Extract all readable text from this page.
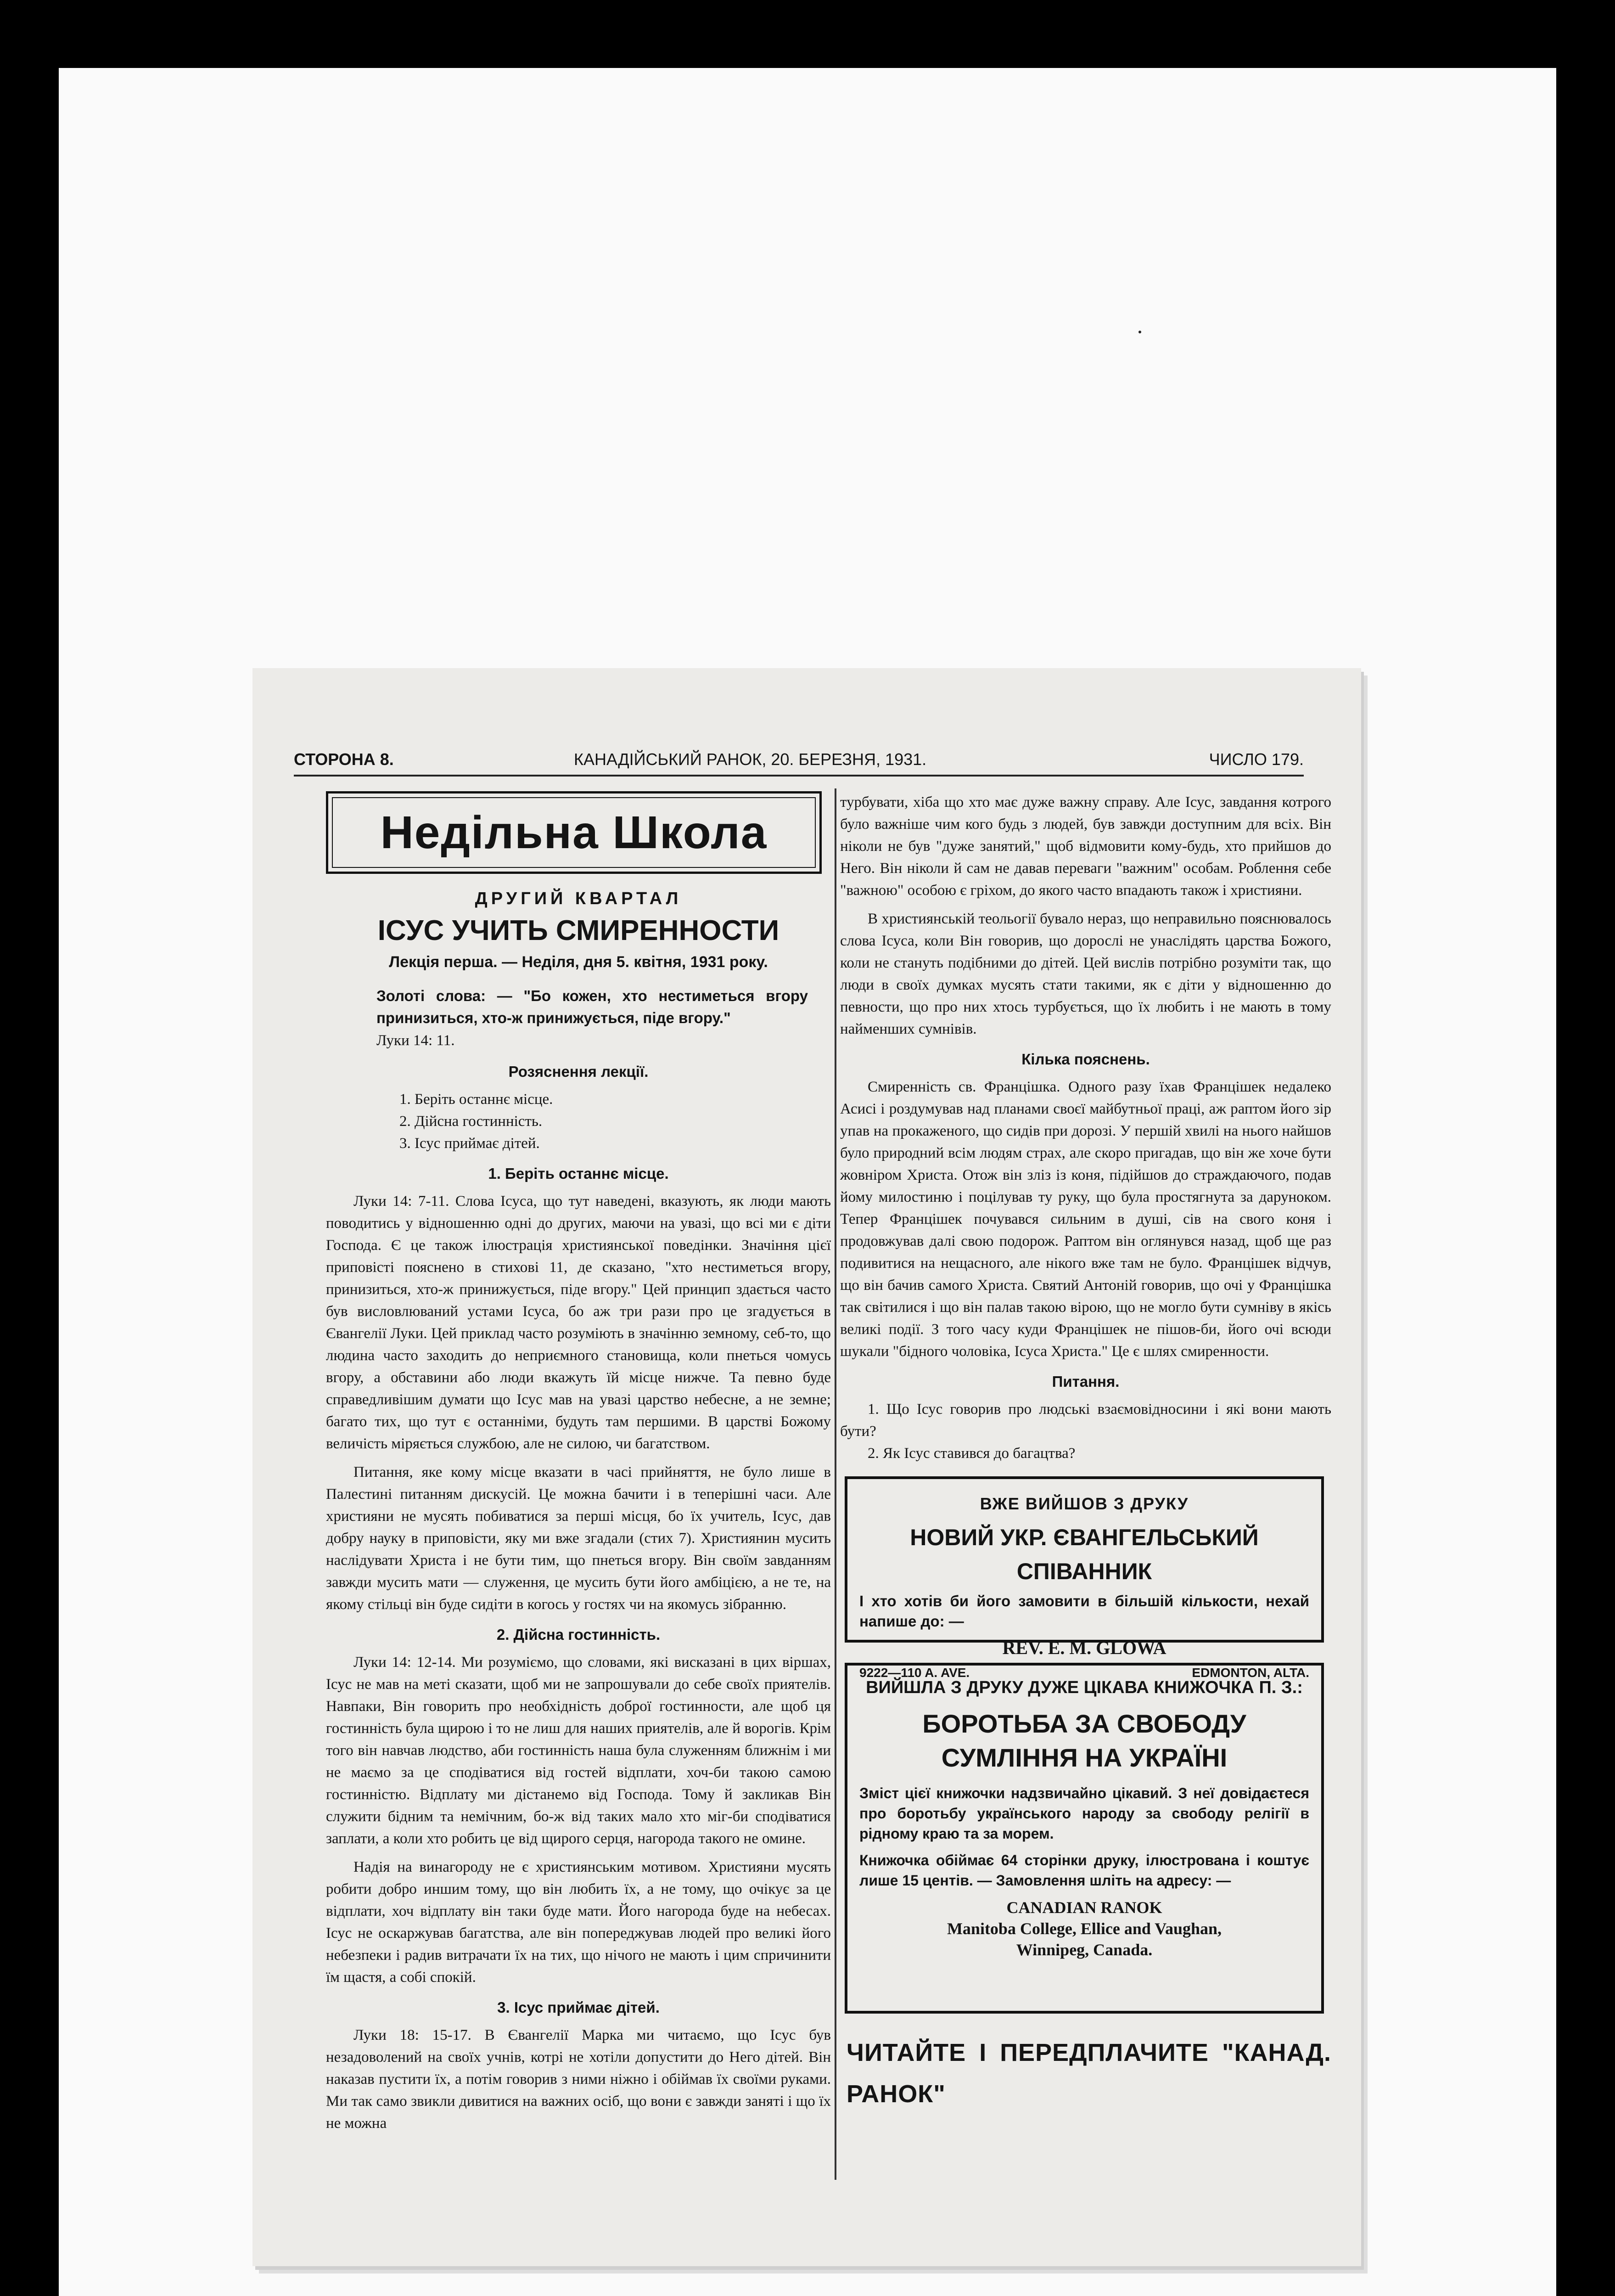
СТОРОНА 8.	КАНАДІЙСЬКИЙ РАНОК, 20. БЕРЕЗНЯ, 1931.	ЧИСЛО 179.
Недільна Школа
ДРУГИЙ КВАРТАЛ
ІСУС УЧИТЬ СМИРЕННОСТИ
Лекція перша. — Неділя, дня 5. квітня, 1931 року.
Золоті слова: — "Бо кожен, хто нестиметься вгору принизиться, хто-ж принижується, піде вгору."
Луки 14: 11.
Розяснення лекції.
1. Беріть останнє місце.
2. Дійсна гостинність.
3. Ісус приймає дітей.
1. Беріть останнє місце.

Луки 14: 7-11. Слова Ісуса, що тут наведені, вказують, як люди мають поводитись у відношенню одні до других, маючи на увазі, що всі ми є діти Господа. Є це також ілюстрація християнської поведінки. Значіння цієї приповісті пояснено в стихові 11, де сказано, "хто нестиметься вгору, принизиться, хто-ж принижується, піде вгору." Цей принцип здається часто був висловлюваний устами Ісуса, бо аж три рази про це згадується в Євангелії Луки. Цей приклад часто розуміють в значінню земному, себ-то, що людина часто заходить до неприємного становища, коли пнеться чомусь вгору, а обставини або люди вкажуть їй місце нижче. Та певно буде справедливішим думати що Ісус мав на увазі царство небесне, а не земне; багато тих, що тут є останніми, будуть там першими. В царстві Божому величість міряється службою, але не силою, чи багатством.

Питання, яке кому місце вказати в часі прийняття, не було лише в Палестині питанням дискусій. Це можна бачити і в теперішні часи. Але християни не мусять побиватися за перші місця, бо їх учитель, Ісус, дав добру науку в приповісти, яку ми вже згадали (стих 7). Християнин мусить наслідувати Христа і не бути тим, що пнеться вгору. Він своїм завданням завжди мусить мати — служення, це мусить бути його амбіцією, а не те, на якому стільці він буде сидіти в когось у гостях чи на якомусь зібранню.

2. Дійсна гостинність.

Луки 14: 12-14. Ми розуміємо, що словами, які висказані в цих віршах, Ісус не мав на меті сказати, щоб ми не запрошували до себе своїх приятелів. Навпаки, Він говорить про необхідність доброї гостинности, але щоб ця гостинність була щирою і то не лиш для наших приятелів, але й ворогів. Крім того він навчав людство, аби гостинність наша була служенням ближнім і ми не маємо за це сподіватися від гостей відплати, хоч-би такою самою гостинністю. Відплату ми дістанемо від Господа. Тому й закликав Він служити бідним та немічним, бо-ж від таких мало хто міг-би сподіватися заплати, а коли хто робить це від щирого серця, нагорода такого не омине.

Надія на винагороду не є християнським мотивом. Християни мусять робити добро иншим тому, що він любить їх, а не тому, що очікує за це відплати, хоч відплату він таки буде мати. Його нагорода буде на небесах. Ісус не оскаржував багатства, але він попереджував людей про великі його небезпеки і радив витрачати їх на тих, що нічого не мають і цим спричинити їм щастя, а собі спокій.

3. Ісус приймає дітей.

Луки 18: 15-17. В Євангелії Марка ми читаємо, що Ісус був незадоволений на своїх учнів, котрі не хотіли допустити до Него дітей. Він наказав пустити їх, а потім говорив з ними ніжно і обіймав їх своїми руками. Ми так само звикли дивитися на важних осіб, що вони є завжди заняті і що їх не можна

турбувати, хіба що хто має дуже важну справу. Але Ісус, завдання котрого було важніше чим кого будь з людей, був завжди доступним для всіх. Він ніколи не був "дуже занятий," щоб відмовити кому-будь, хто прийшов до Него. Він ніколи й сам не давав переваги "важним" особам. Роблення себе "важною" особою є гріхом, до якого часто впадають також і християни.

В християнській теольогії бувало нераз, що неправильно пояснювалось слова Ісуса, коли Він говорив, що дорослі не унаслідять царства Божого, коли не стануть подібними до дітей. Цей вислів потрібно розуміти так, що люди в своїх думках мусять стати такими, як є діти у відношенню до певности, що про них хтось турбується, що їх любить і не мають в тому найменших сумнівів.

Кілька пояснень.

Смиренність св. Францішка. Одного разу їхав Францішек недалеко Асисі і роздумував над планами своєї майбутньої праці, аж раптом його зір упав на прокаженого, що сидів при дорозі. У першій хвилі на нього найшов було природний всім людям страх, але скоро пригадав, що він же хоче бути жовніром Христа. Отож він зліз із коня, підійшов до страждаючого, подав йому милостиню і поцілував ту руку, що була простягнута за даруноком. Тепер Францішек почувався сильним в душі, сів на свого коня і продовжував далі свою подорож. Раптом він оглянувся назад, щоб ще раз подивитися на нещасного, але нікого вже там не було. Францішек відчув, що він бачив самого Христа. Святий Антоній говорив, що очі у Францішка так світилися і що він палав такою вірою, що не могло бути сумніву в якісь великі події. З того часу куди Францішек не пішов-би, його очі всюди шукали "бідного чоловіка, Ісуса Христа." Це є шлях смиренности.

Питання.
1. Що Ісус говорив про людські взаємовідносини і які вони мають бути?
2. Як Ісус ставився до багацтва?
ВЖЕ ВИЙШОВ З ДРУКУ
НОВИЙ УКР. ЄВАНГЕЛЬСЬКИЙ СПІВАННИК
І хто хотів би його замовити в більшій кількости, нехай напише до: —
REV. E. M. GLOWA
9222—110 A. AVE.	EDMONTON, ALTA.
ВИЙШЛА З ДРУКУ ДУЖЕ ЦІКАВА КНИЖОЧКА П. З.:
БОРОТЬБА ЗА СВОБОДУ СУМЛІННЯ НА УКРАЇНІ
Зміст цієї книжочки надзвичайно цікавий. З неї довідаєтеся про боротьбу українського народу за свободу релігії в рідному краю та за морем.
Книжочка обіймає 64 сторінки друку, ілюстрована і коштує лише 15 центів. — Замовлення шліть на адресу: —
CANADIAN RANOK
Manitoba College, Ellice and Vaughan,
Winnipeg, Canada.
ЧИТАЙТЕ І ПЕРЕДПЛАЧИТЕ "КАНАД. РАНОК"
